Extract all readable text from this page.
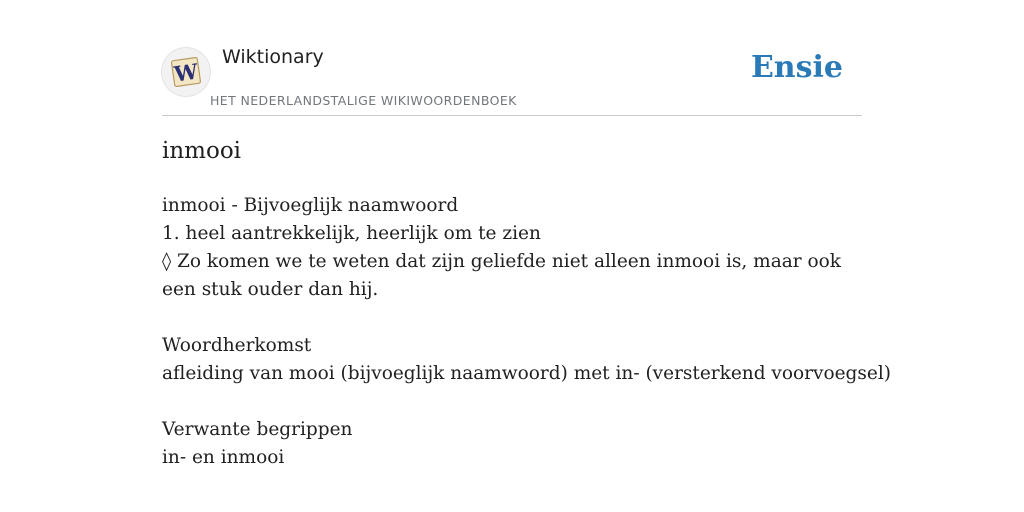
W
Wiktionary
HET NEDERLANDSTALIGE WIKIWOORDENBOEK
Ensie
inmooi
inmooi - Bijvoeglijk naamwoord
1. heel aantrekkelijk, heerlijk om te zien
◊ Zo komen we te weten dat zijn geliefde niet alleen inmooi is, maar ook een stuk ouder dan hij.
Woordherkomst
afleiding van mooi (bijvoeglijk naamwoord) met in- (versterkend voorvoegsel)
Verwante begrippen
in- en inmooi
